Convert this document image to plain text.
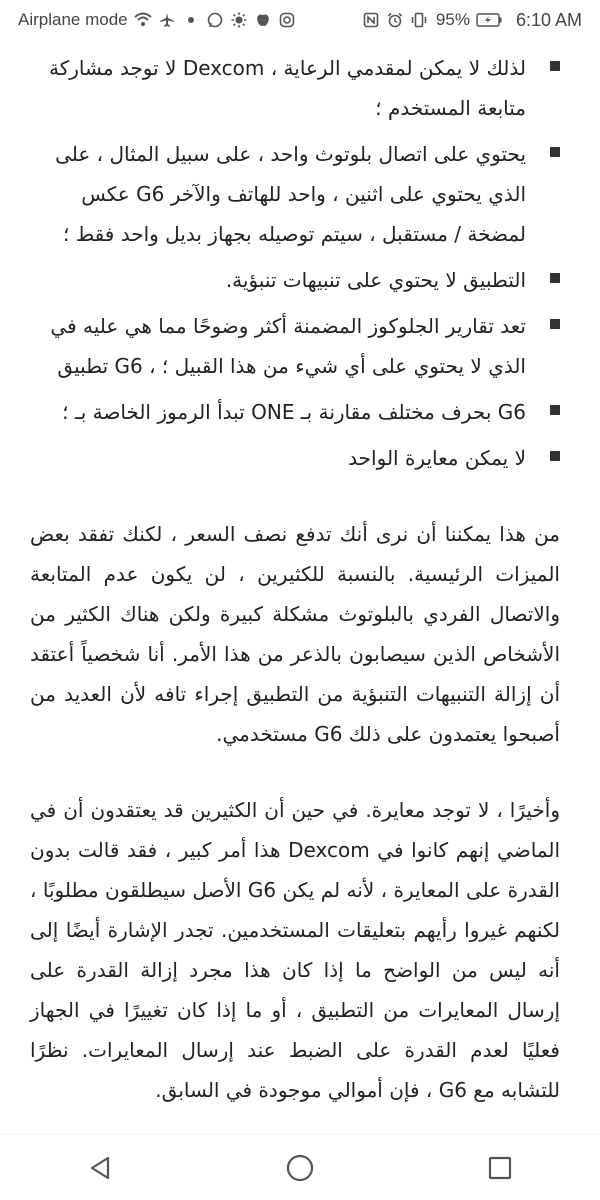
Airplane mode	95%	6:10 AM
لذلك لا يمكن لمقدمي الرعاية ، Dexcom لا توجد مشاركة متابعة المستخدم ؛
يحتوي على اتصال بلوتوث واحد ، على سبيل المثال ، على الذي يحتوي على اثنين ، واحد للهاتف والآخر G6 عكس لمضخة / مستقبل ، سيتم توصيله بجهاز بديل واحد فقط ؛
التطبيق لا يحتوي على تنبيهات تنبؤية.
تعد تقارير الجلوكوز المضمنة أكثر وضوحًا مما هي عليه في الذي لا يحتوي على أي شيء من هذا القبيل ؛ ، G6 تطبيق
G6 بحرف مختلف مقارنة بـ ONE تبدأ الرموز الخاصة بـ ؛
لا يمكن معايرة الواحد

من هذا يمكننا أن نرى أنك تدفع نصف السعر ، لكنك تفقد بعض الميزات الرئيسية. بالنسبة للكثيرين ، لن يكون عدم المتابعة والاتصال الفردي بالبلوتوث مشكلة كبيرة ولكن هناك الكثير من الأشخاص الذين سيصابون بالذعر من هذا الأمر. أنا شخصياً أعتقد أن إزالة التنبيهات التنبؤية من التطبيق إجراء تافه لأن العديد من أصبحوا يعتمدون على ذلك G6 مستخدمي.

وأخيرًا ، لا توجد معايرة. في حين أن الكثيرين قد يعتقدون أن في الماضي إنهم كانوا في Dexcom هذا أمر كبير ، فقد قالت بدون القدرة على المعايرة ، لأنه لم يكن G6 الأصل سيطلقون مطلوبًا ، لكنهم غيروا رأيهم بتعليقات المستخدمين. تجدر الإشارة أيضًا إلى أنه ليس من الواضح ما إذا كان هذا مجرد إزالة القدرة على إرسال المعايرات من التطبيق ، أو ما إذا كان تغييرًا في الجهاز فعليًا لعدم القدرة على الضبط عند إرسال المعايرات. نظرًا للتشابه مع G6 ، فإن أموالي موجودة في السابق.
